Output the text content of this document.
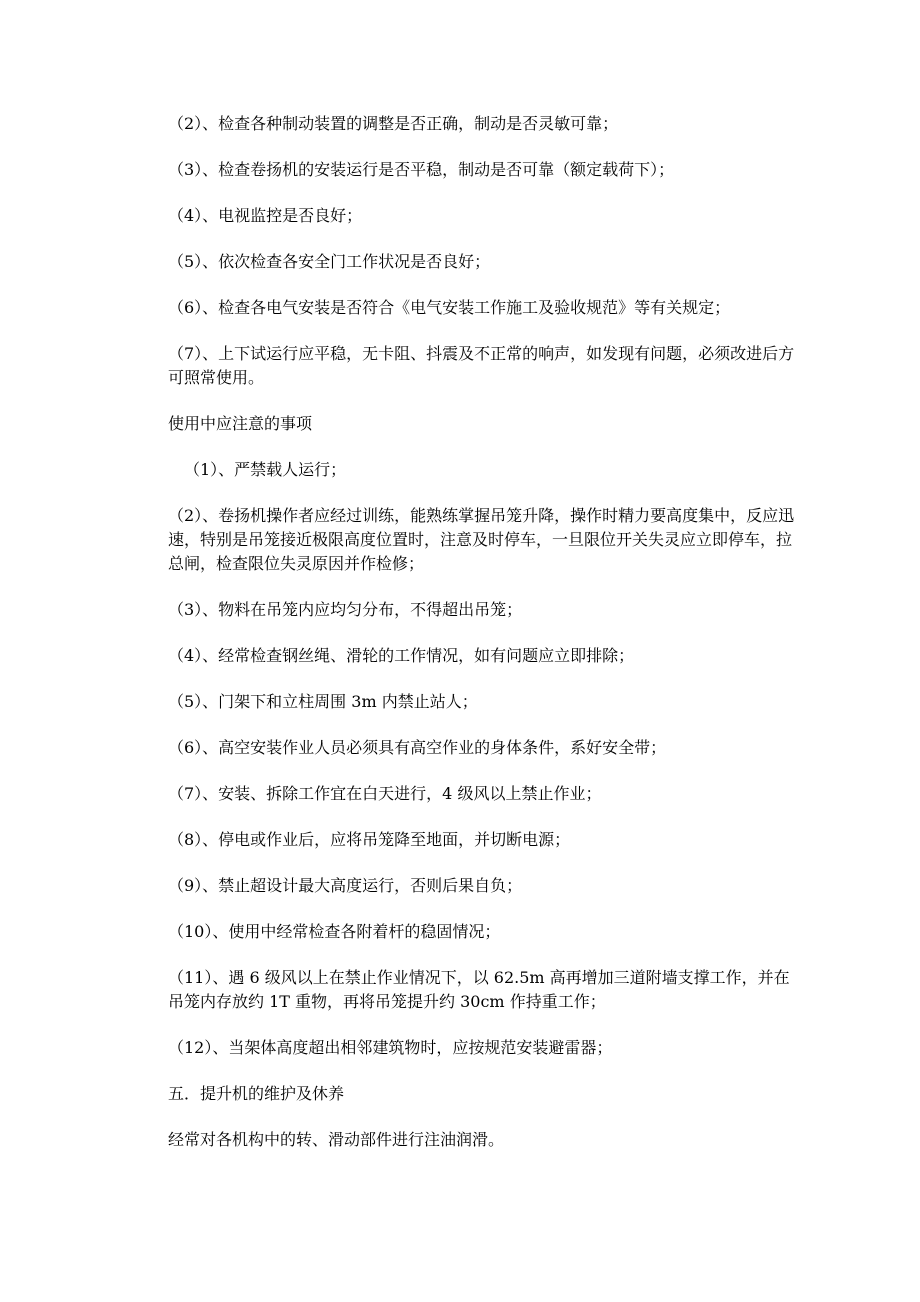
（2）、检查各种制动装置的调整是否正确，制动是否灵敏可靠；

（3）、检查卷扬机的安装运行是否平稳，制动是否可靠（额定载荷下）；

（4）、电视监控是否良好；

（5）、依次检查各安全门工作状况是否良好；

（6）、检查各电气安装是否符合《电气安装工作施工及验收规范》等有关规定；

（7）、上下试运行应平稳，无卡阻、抖震及不正常的响声，如发现有问题，必须改进后方可照常使用。

使用中应注意的事项

（1）、严禁载人运行；

（2）、卷扬机操作者应经过训练，能熟练掌握吊笼升降，操作时精力要高度集中，反应迅速，特别是吊笼接近极限高度位置时，注意及时停车，一旦限位开关失灵应立即停车，拉总闸，检查限位失灵原因并作检修；

（3）、物料在吊笼内应均匀分布，不得超出吊笼；

（4）、经常检查钢丝绳、滑轮的工作情况，如有问题应立即排除；

（5）、门架下和立柱周围 3m 内禁止站人；

（6）、高空安装作业人员必须具有高空作业的身体条件，系好安全带；

（7）、安装、拆除工作宜在白天进行，4 级风以上禁止作业；

（8）、停电或作业后，应将吊笼降至地面，并切断电源；

（9）、禁止超设计最大高度运行，否则后果自负；

（10）、使用中经常检查各附着杆的稳固情况；

（11）、遇 6 级风以上在禁止作业情况下，以 62.5m 高再增加三道附墙支撑工作，并在吊笼内存放约 1T 重物，再将吊笼提升约 30cm 作持重工作；

（12）、当架体高度超出相邻建筑物时，应按规范安装避雷器；

五．提升机的维护及休养

经常对各机构中的转、滑动部件进行注油润滑。
